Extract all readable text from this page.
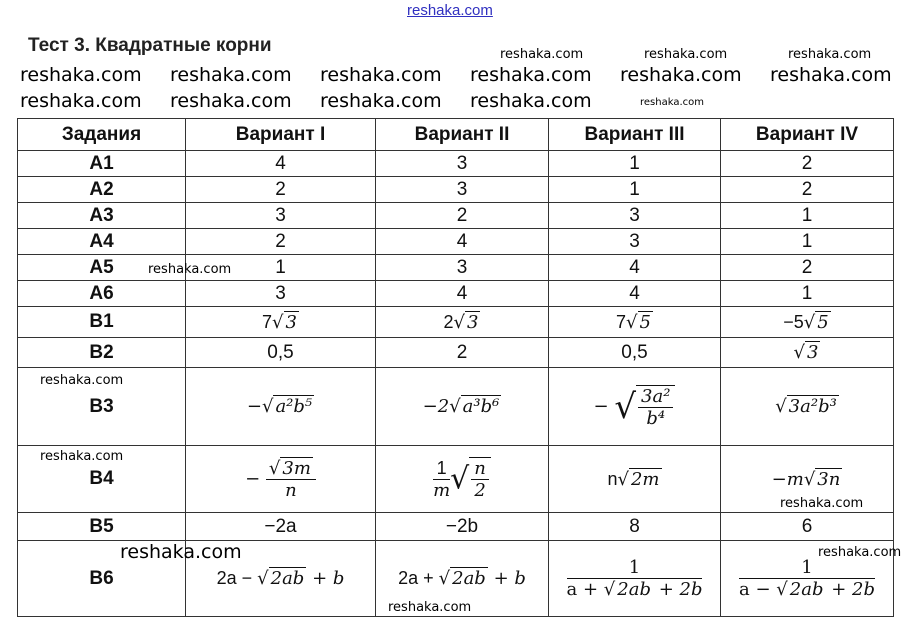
reshaka.com
Тест 3. Квадратные корни	reshaka.com	reshaka.com	reshaka.com
reshaka.com
reshaka.com
reshaka.com reshaka.com
reshaka.com
reshaka.com reshaka.com
reshaka.com
reshaka.com
reshaka.com reshaka.com
reshaka.com
reshaka.com reshaka.com
reshaka.com
reshaka.com
reshaka.com
reshaka.com
Задания	Вариант I	Вариант II	Вариант III	Вариант IV
A1	4	3	1	2
A2	2	3	1	2
A3	3	2	3	1
A4	2	4	3	1
A5	1	3	4	2
A6	3	4	4	1
B1	7√ 3	2√ 3	7√ 5	−5√ 5
B2	0,5	2	0,5	√ 3
B3	−√ a²b⁵	−2√ a³b⁶	− √ $\frac{\text{3a²}}{\text{b⁴}}$	√ 3a²b³
B4	− $\frac{√ 3m}{n}$	$\frac{1}{m}$ √ $\frac{n}{2}$	n√ 2m	−m√ 3n
B5	−2a	−2b	8	6
B6	2a − √ 2ab + b	2a + √ 2ab + b	$\frac{1}{a + √ 2ab + 2b}$	$\frac{1}{a - √ 2ab + 2b}$
